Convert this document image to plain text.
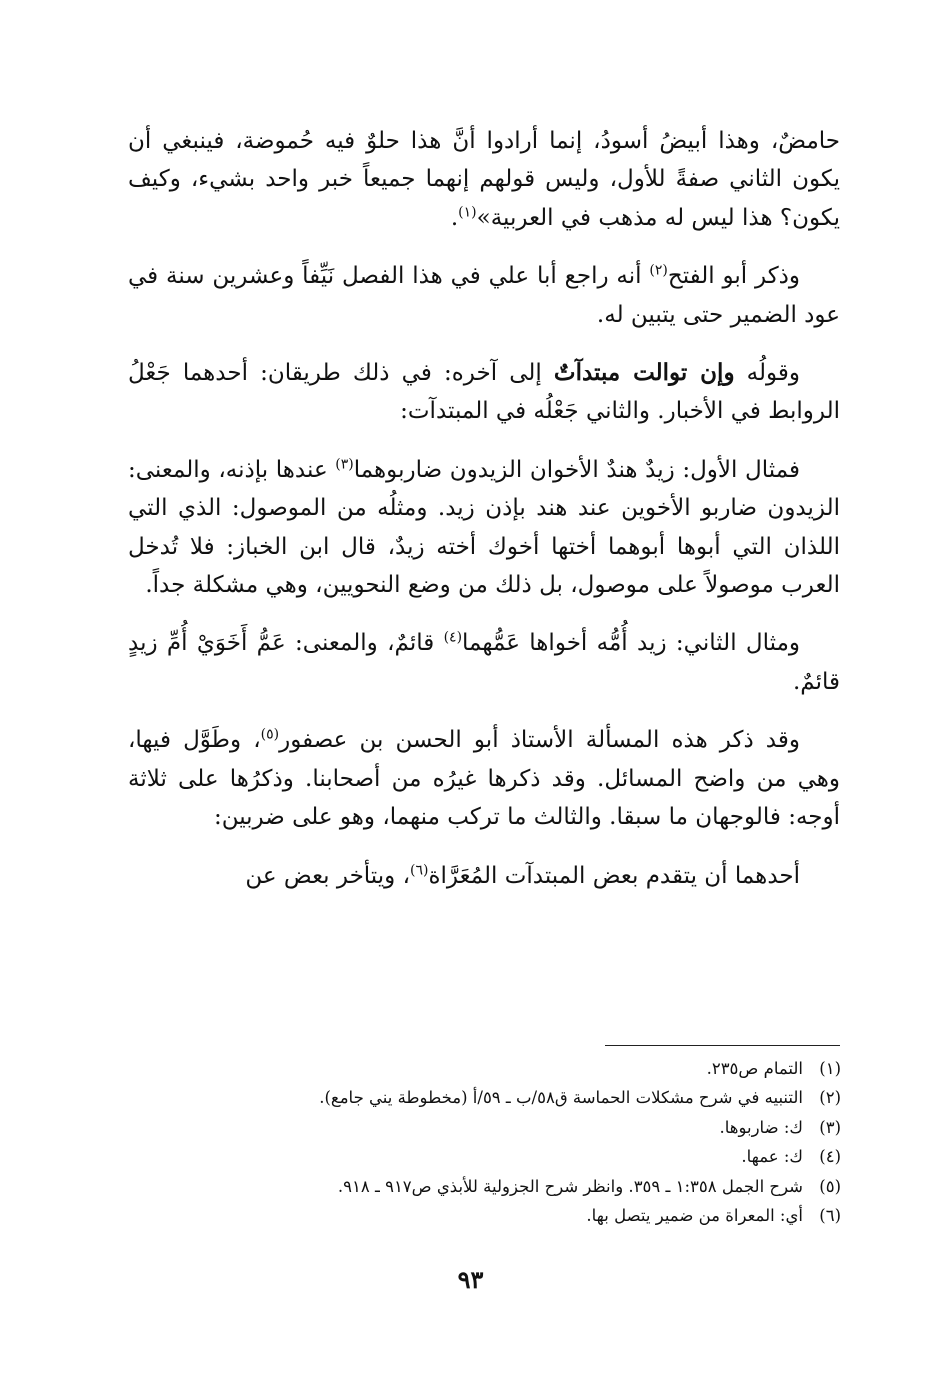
حامضٌ، وهذا أبيضُ أسودُ، إنما أرادوا أنَّ هذا حلوٌ فيه حُموضة، فينبغي أن يكون الثاني صفةً للأول، وليس قولهم إنهما جميعاً خبر واحد بشيء، وكيف يكون؟ هذا ليس له مذهب في العربية»$^{(١)}$.

وذكر أبو الفتح$^{(٢)}$ أنه راجع أبا علي في هذا الفصل نَيِّفاً وعشرين سنة في عود الضمير حتى يتبين له.

وقولُه وإن توالت مبتدآتٌ إلى آخره: في ذلك طريقان: أحدهما جَعْلُ الروابط في الأخبار. والثاني جَعْلُه في المبتدآت:

فمثال الأول: زيدٌ هندٌ الأخوان الزيدون ضاربوهما$^{(٣)}$ عندها بإذنه، والمعنى: الزيدون ضاربو الأخوين عند هند بإذن زيد. ومثلُه من الموصول: الذي التي اللذان التي أبوها أبوهما أختها أخوك أخته زيدٌ، قال ابن الخباز: فلا تُدخل العرب موصولاً على موصول، بل ذلك من وضع النحويين، وهي مشكلة جداً.

ومثال الثاني: زيد أُمُّه أخواها عَمُّهما$^{(٤)}$ قائمٌ، والمعنى: عَمُّ أَخَوَيْ أُمِّ زيدٍ قائمٌ.

وقد ذكر هذه المسألة الأستاذ أبو الحسن بن عصفور$^{(٥)}$، وطَوَّل فيها، وهي من واضح المسائل. وقد ذكرها غيرُه من أصحابنا. وذكرُها على ثلاثة أوجه: فالوجهان ما سبقا. والثالث ما تركب منهما، وهو على ضربين:

أحدهما أن يتقدم بعض المبتدآت المُعَرَّاة$^{(٦)}$، ويتأخر بعض عن

(١)
التمام ص٢٣٥.
(٢)
التنبيه في شرح مشكلات الحماسة ق٥٨/ب ـ ٥٩/أ (مخطوطة يني جامع).
(٣)
ك: ضاربوها.
(٤)
ك: عمها.
(٥)
شرح الجمل ١:٣٥٨ ـ ٣٥٩. وانظر شرح الجزولية للأبذي ص٩١٧ ـ ٩١٨.
(٦)
أي: المعراة من ضمير يتصل بها.
٩٣
